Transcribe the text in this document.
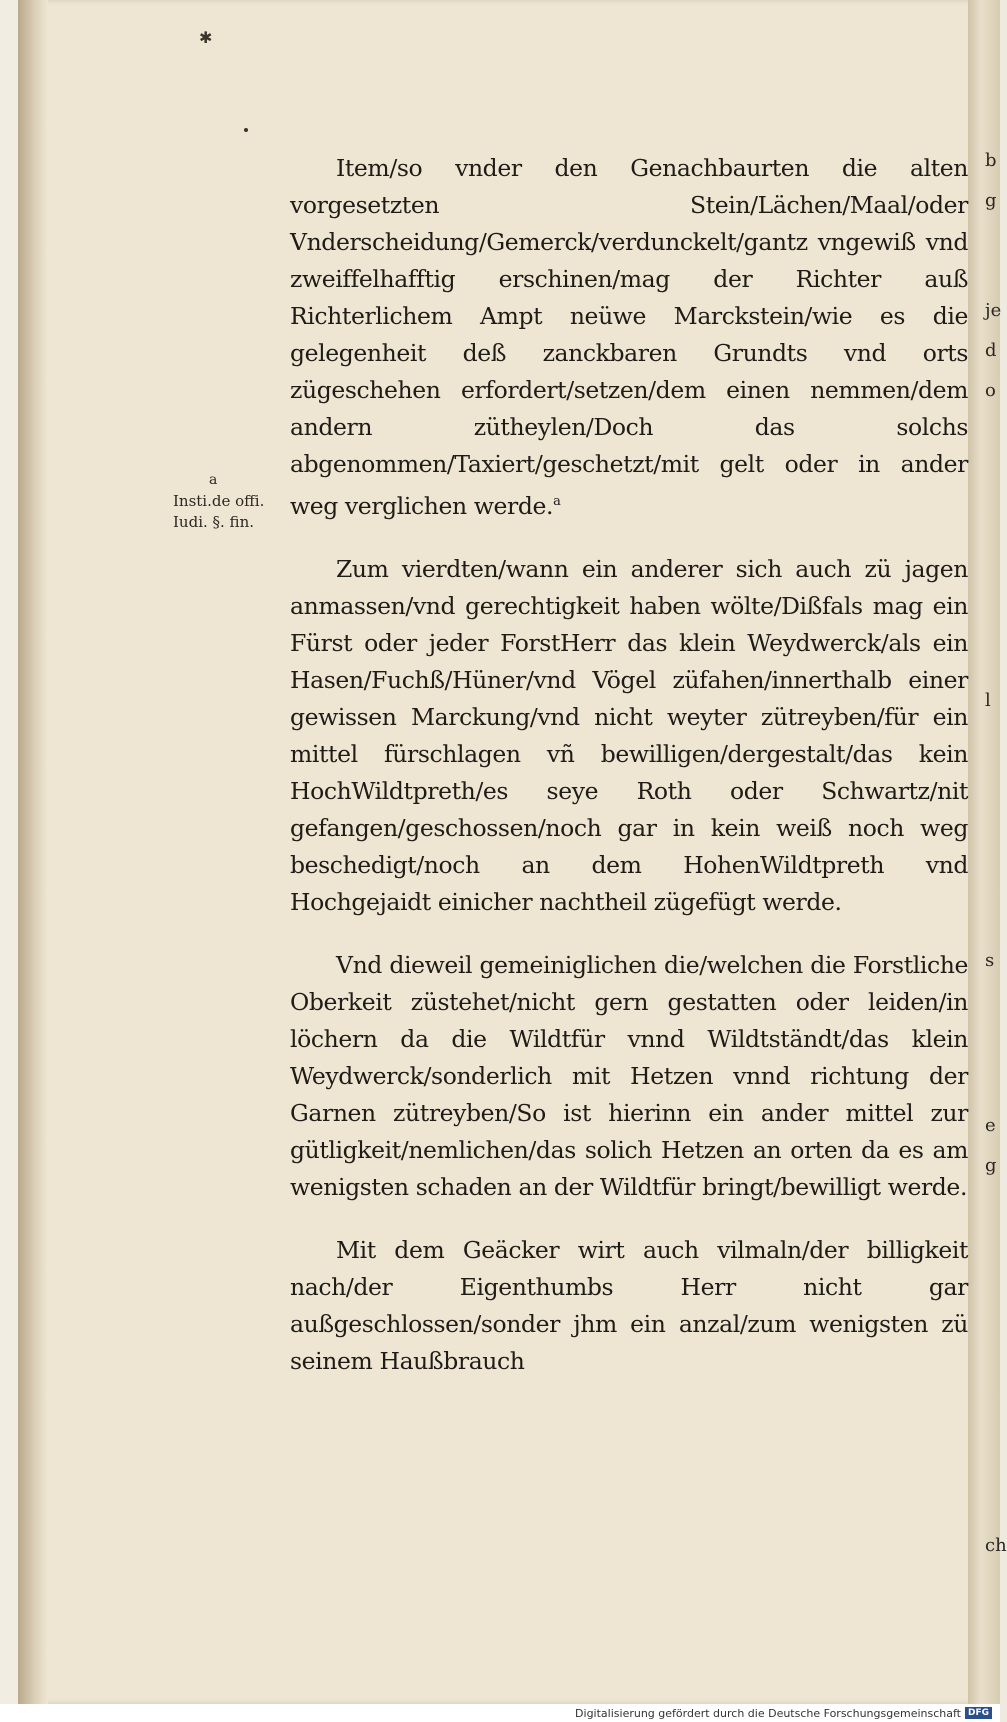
b
g
je
d
o
l
s
e
g
ch
✱
a
Insti.de offi.
Iudi. §. fin.

Item/so vnder den Genachbaurten die alten vorgesetzten Stein/Lächen/Maal/oder Vnderscheidung/Gemerck/verdunckelt/gantz vngewiß vnd zweiffelhafftig erschinen/mag der Richter auß Richterlichem Ampt neüwe Marckstein/wie es die gelegenheit deß zanckbaren Grundts vnd orts zügeschehen erfordert/setzen/dem einen nemmen/dem andern zütheylen/Doch das solchs abgenommen/Taxiert/geschetzt/mit gelt oder in ander weg verglichen werde.$^a$

Zum vierdten/wann ein anderer sich auch zü jagen anmassen/vnd gerechtigkeit haben wölte/Dißfals mag ein Fürst oder jeder ForstHerr das klein Weydwerck/als ein Hasen/Fuchß/Hüner/vnd Vögel züfahen/innerthalb einer gewissen Marckung/vnd nicht weyter zütreyben/für ein mittel fürschlagen vñ bewilligen/dergestalt/das kein HochWildtpreth/es seye Roth oder Schwartz/nit gefangen/geschossen/noch gar in kein weiß noch weg beschedigt/noch an dem HohenWildtpreth vnd Hochgejaidt einicher nachtheil zügefügt werde.

Vnd dieweil gemeiniglichen die/welchen die Forstliche Oberkeit züstehet/nicht gern gestatten oder leiden/in löchern da die Wildtfür vnnd Wildtständt/das klein Weydwerck/sonderlich mit Hetzen vnnd richtung der Garnen zütreyben/So ist hierinn ein ander mittel zur gütligkeit/nemlichen/das solich Hetzen an orten da es am wenigsten schaden an der Wildtfür bringt/bewilligt werde.

Mit dem Geäcker wirt auch vilmaln/der billigkeit nach/der Eigenthumbs Herr nicht gar außgeschlossen/sonder jhm ein anzal/zum wenigsten zü seinem Haußbrauch

Digitalisierung gefördert durch die Deutsche Forschungsgemeinschaft DFG
